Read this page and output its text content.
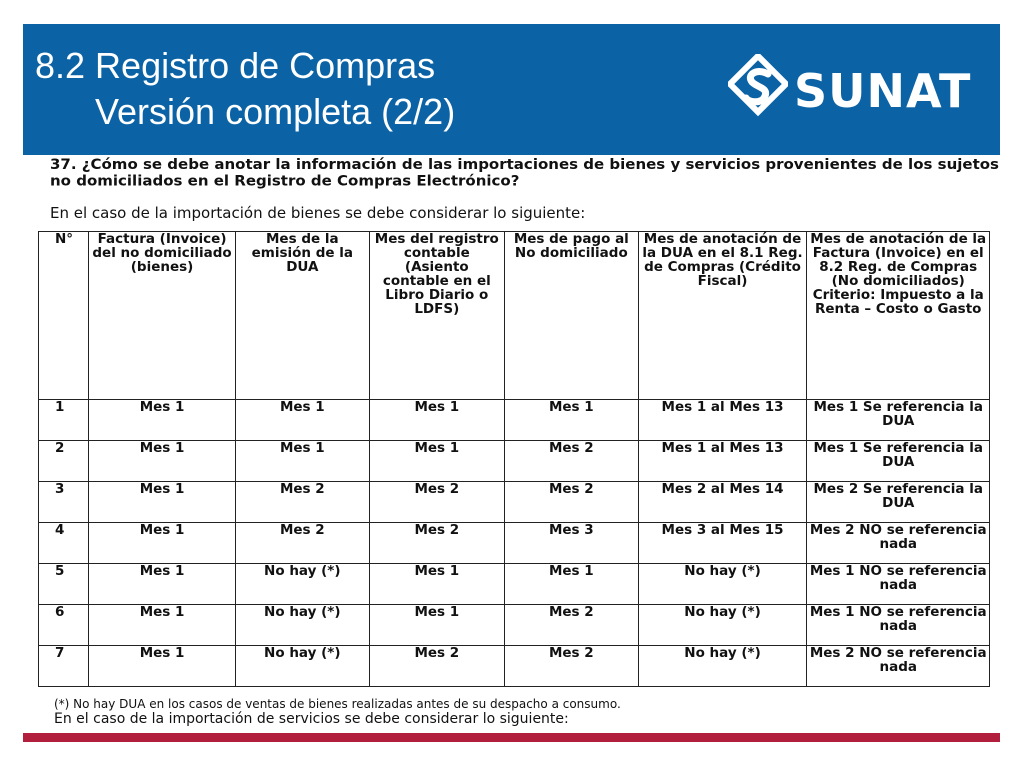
8.2 Registro de Compras
Versión completa (2/2)	SUNAT
37. ¿Cómo se debe anotar la información de las importaciones de bienes y servicios provenientes de los sujetos no domiciliados en el Registro de Compras Electrónico?
En el caso de la importación de bienes se debe considerar lo siguiente:
N°	Factura (Invoice) del no domiciliado (bienes)	Mes de la emisión de la DUA	Mes del registro contable (Asiento contable en el Libro Diario o LDFS)	Mes de pago al No domiciliado	Mes de anotación de la DUA en el 8.1 Reg. de Compras (Crédito Fiscal)	Mes de anotación de la Factura (Invoice) en el 8.2 Reg. de Compras (No domiciliados) Criterio: Impuesto a la Renta – Costo o Gasto
1	Mes 1	Mes 1	Mes 1	Mes 1	Mes 1 al Mes 13	Mes 1 Se referencia la DUA
2	Mes 1	Mes 1	Mes 1	Mes 2	Mes 1 al Mes 13	Mes 1 Se referencia la DUA
3	Mes 1	Mes 2	Mes 2	Mes 2	Mes 2 al Mes 14	Mes 2 Se referencia la DUA
4	Mes 1	Mes 2	Mes 2	Mes 3	Mes 3 al Mes 15	Mes 2 NO se referencia nada
5	Mes 1	No hay (*)	Mes 1	Mes 1	No hay (*)	Mes 1 NO se referencia nada
6	Mes 1	No hay (*)	Mes 1	Mes 2	No hay (*)	Mes 1 NO se referencia nada
7	Mes 1	No hay (*)	Mes 2	Mes 2	No hay (*)	Mes 2 NO se referencia nada
(*) No hay DUA en los casos de ventas de bienes realizadas antes de su despacho a consumo.
En el caso de la importación de servicios se debe considerar lo siguiente:
